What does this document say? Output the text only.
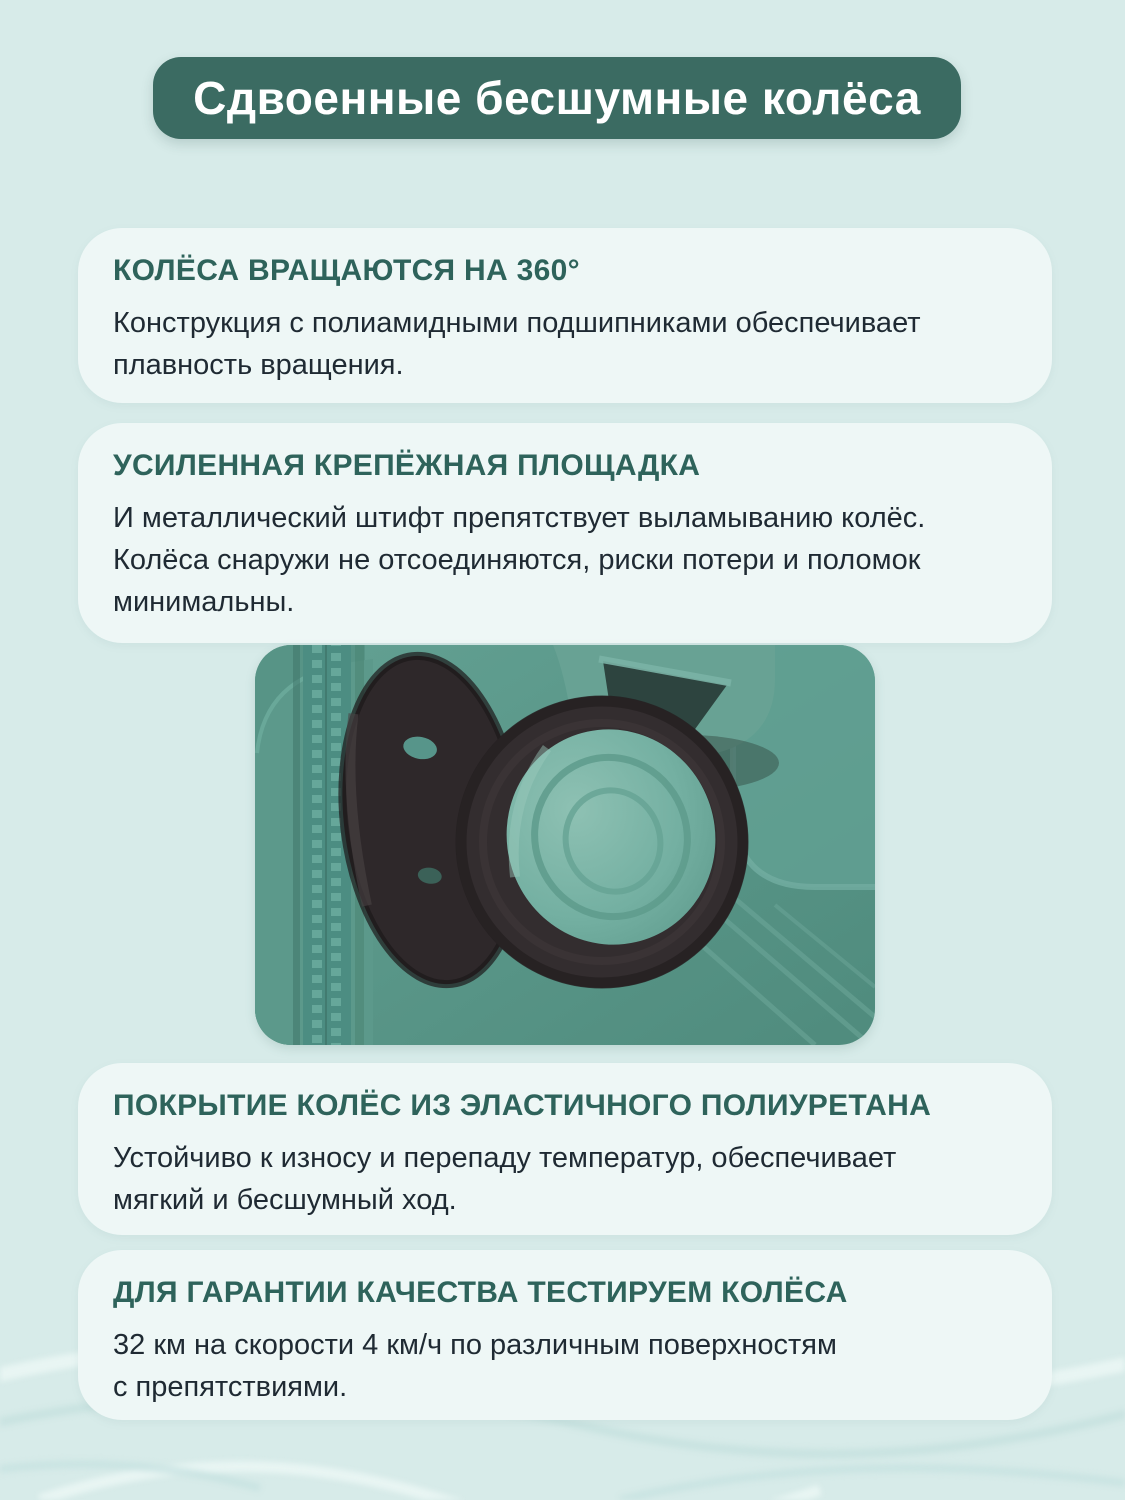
Сдвоенные бесшумные колёса
КОЛЁСА ВРАЩАЮТСЯ НА 360°

Конструкция с полиамидными подшипниками обеспечивает

плавность вращения.

УСИЛЕННАЯ КРЕПЁЖНАЯ ПЛОЩАДКА

И металлический штифт препятствует выламыванию колёс.

Колёса снаружи не отсоединяются, риски потери и поломок

минимальны.

ПОКРЫТИЕ КОЛЁС ИЗ ЭЛАСТИЧНОГО ПОЛИУРЕТАНА

Устойчиво к износу и перепаду температур, обеспечивает

мягкий и бесшумный ход.

ДЛЯ ГАРАНТИИ КАЧЕСТВА ТЕСТИРУЕМ КОЛЁСА

32 км на скорости 4 км/ч по различным поверхностям

с препятствиями.
